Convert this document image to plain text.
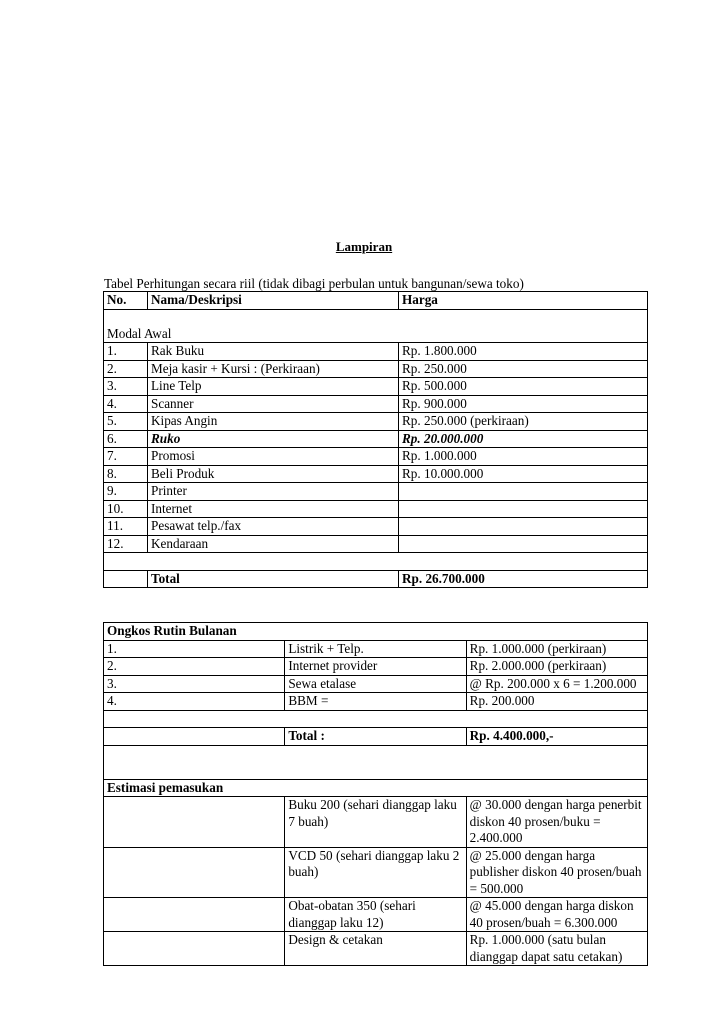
Lampiran
Tabel Perhitungan secara riil (tidak dibagi perbulan untuk bangunan/sewa toko)
No.	Nama/Deskripsi	Harga
Modal Awal		
1.	Rak Buku	Rp. 1.800.000
2.	Meja kasir + Kursi : (Perkiraan)	Rp. 250.000
3.	Line Telp	Rp. 500.000
4.	Scanner	Rp. 900.000
5.	Kipas Angin	Rp. 250.000 (perkiraan)
6.	Ruko	Rp. 20.000.000
7.	Promosi	Rp. 1.000.000
8.	Beli Produk	Rp. 10.000.000
9.	Printer	
10.	Internet	
11.	Pesawat telp./fax	
12.	Kendaraan	

	Total	Rp. 26.700.000
Ongkos Rutin Bulanan		
1.	Listrik + Telp.	Rp. 1.000.000 (perkiraan)
2.	Internet provider	Rp. 2.000.000 (perkiraan)
3.	Sewa etalase	@ Rp. 200.000 x 6 = 1.200.000
4.	BBM =	Rp. 200.000

	Total :	Rp. 4.400.000,-

Estimasi pemasukan		
	Buku 200 (sehari dianggap laku 7 buah)	@ 30.000 dengan harga penerbit diskon 40 prosen/buku = 2.400.000
	VCD 50 (sehari dianggap laku 2 buah)	@ 25.000 dengan harga publisher diskon 40 prosen/buah = 500.000
	Obat-obatan 350 (sehari dianggap laku 12)	@ 45.000 dengan harga diskon 40 prosen/buah = 6.300.000
	Design & cetakan	Rp. 1.000.000 (satu bulan dianggap dapat satu cetakan)
